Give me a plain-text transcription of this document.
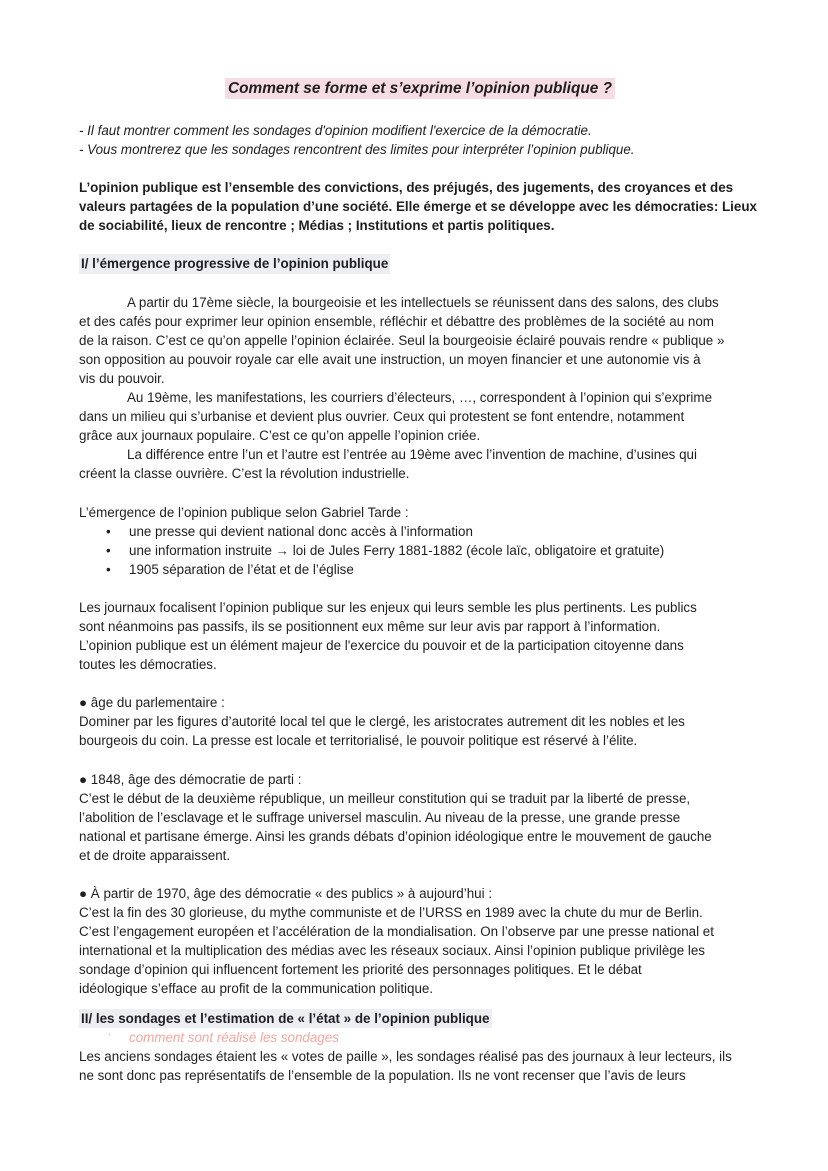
Comment se forme et s’exprime l’opinion publique ?

- Il faut montrer comment les sondages d'opinion modifient l'exercice de la démocratie.

- Vous montrerez que les sondages rencontrent des limites pour interpréter l’opinion publique.

L’opinion publique est l’ensemble des convictions, des préjugés, des jugements, des croyances et des

valeurs partagées de la population d’une société. Elle émerge et se développe avec les démocraties: Lieux

de sociabilité, lieux de rencontre ; Médias ; Institutions et partis politiques.

I/ l’émergence progressive de l’opinion publique

A partir du 17ème siècle, la bourgeoisie et les intellectuels se réunissent dans des salons, des clubs

et des cafés pour exprimer leur opinion ensemble, réfléchir et débattre des problèmes de la société au nom

de la raison. C’est ce qu’on appelle l’opinion éclairée. Seul la bourgeoisie éclairé pouvais rendre « publique »

son opposition au pouvoir royale car elle avait une instruction, un moyen financier et une autonomie vis à

vis du pouvoir.

Au 19ème, les manifestations, les courriers d’électeurs, …, correspondent à l’opinion qui s’exprime

dans un milieu qui s’urbanise et devient plus ouvrier. Ceux qui protestent se font entendre, notamment

grâce aux journaux populaire. C’est ce qu’on appelle l’opinion criée.

La différence entre l’un et l’autre est l’entrée au 19ème avec l’invention de machine, d’usines qui

créent la classe ouvrière. C’est la révolution industrielle.

L’émergence de l’opinion publique selon Gabriel Tarde :

• une presse qui devient national donc accès à l’information
• une information instruite → loi de Jules Ferry 1881-1882 (école laïc, obligatoire et gratuite)
• 1905 séparation de l’état et de l’église

Les journaux focalisent l’opinion publique sur les enjeux qui leurs semble les plus pertinents. Les publics

sont néanmoins pas passifs, ils se positionnent eux même sur leur avis par rapport à l’information.

L’opinion publique est un élément majeur de l'exercice du pouvoir et de la participation citoyenne dans

toutes les démocraties.

● âge du parlementaire :

Dominer par les figures d’autorité local tel que le clergé, les aristocrates autrement dit les nobles et les

bourgeois du coin. La presse est locale et territorialisé, le pouvoir politique est réservé à l’élite.

● 1848, âge des démocratie de parti :

C’est le début de la deuxième république, un meilleur constitution qui se traduit par la liberté de presse,

l’abolition de l’esclavage et le suffrage universel masculin. Au niveau de la presse, une grande presse

national et partisane émerge. Ainsi les grands débats d’opinion idéologique entre le mouvement de gauche

et de droite apparaissent.

● À partir de 1970, âge des démocratie « des publics » à aujourd’hui :

C’est la fin des 30 glorieuse, du mythe communiste et de l’URSS en 1989 avec la chute du mur de Berlin.

C’est l’engagement européen et l’accélération de la mondialisation. On l’observe par une presse national et

international et la multiplication des médias avec les réseaux sociaux. Ainsi l’opinion publique privilège les

sondage d’opinion qui influencent fortement les priorité des personnages politiques. Et le débat

idéologique s’efface au profit de la communication politique.

II/ les sondages et l’estimation de « l’état » de l’opinion publique

· comment sont réalisé les sondages

Les anciens sondages étaient les « votes de paille », les sondages réalisé pas des journaux à leur lecteurs, ils

ne sont donc pas représentatifs de l’ensemble de la population. Ils ne vont recenser que l’avis de leurs
